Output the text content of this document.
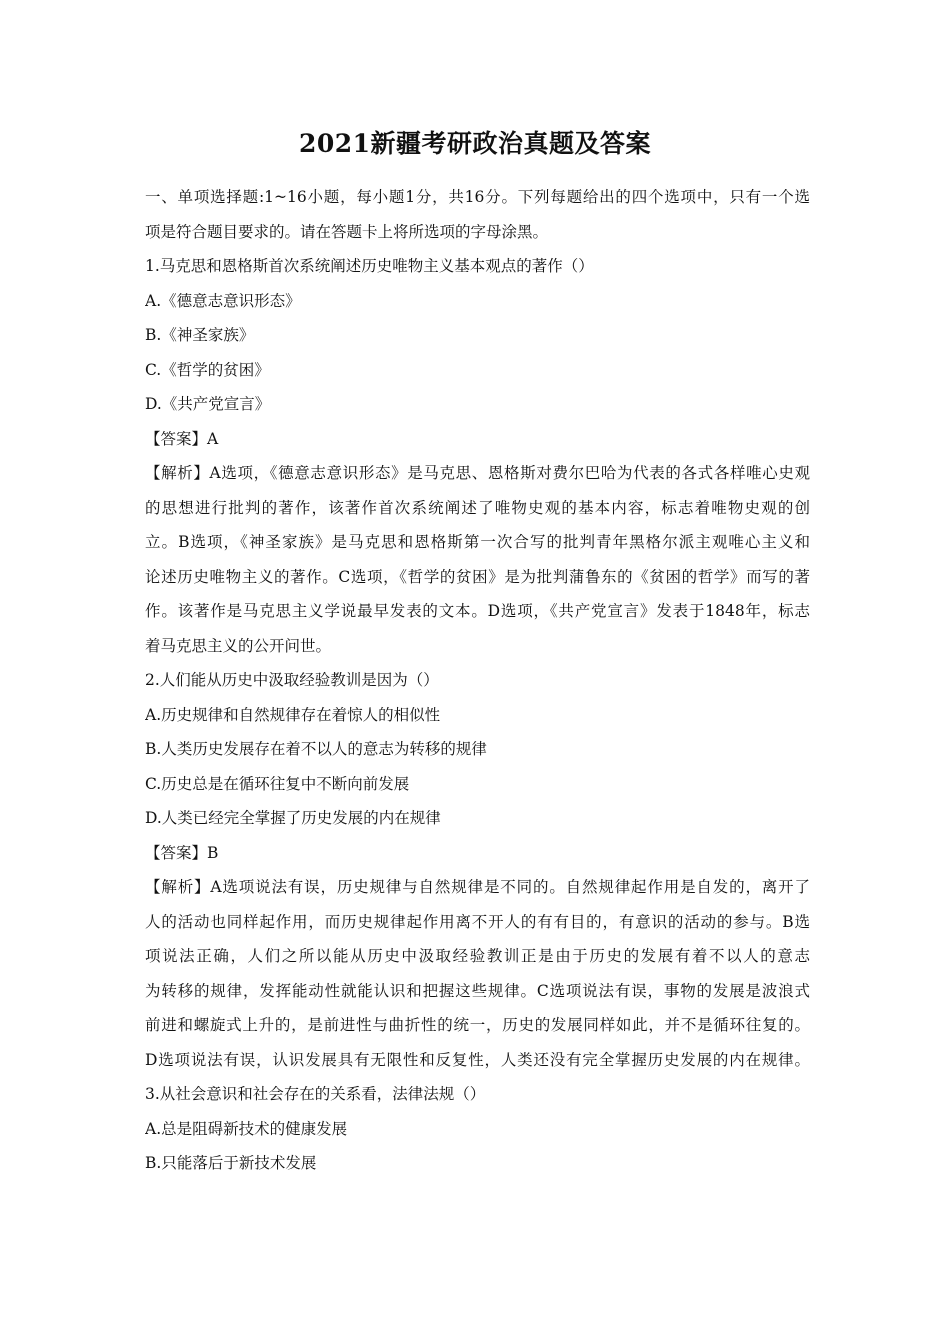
2021新疆考研政治真题及答案
一、单项选择题:1~16小题，每小题1分，共16分。下列每题给出的四个选项中，只有一个选
项是符合题目要求的。请在答题卡上将所选项的字母涂黑。
1.马克思和恩格斯首次系统阐述历史唯物主义基本观点的著作（）
A.《德意志意识形态》
B.《神圣家族》
C.《哲学的贫困》
D.《共产党宣言》
【答案】A
【解析】A选项，《德意志意识形态》是马克思、恩格斯对费尔巴哈为代表的各式各样唯心史观
的思想进行批判的著作，该著作首次系统阐述了唯物史观的基本内容，标志着唯物史观的创
立。B选项，《神圣家族》是马克思和恩格斯第一次合写的批判青年黑格尔派主观唯心主义和
论述历史唯物主义的著作。C选项，《哲学的贫困》是为批判蒲鲁东的《贫困的哲学》而写的著
作。该著作是马克思主义学说最早发表的文本。D选项，《共产党宣言》发表于1848年，标志
着马克思主义的公开问世。
2.人们能从历史中汲取经验教训是因为（）
A.历史规律和自然规律存在着惊人的相似性
B.人类历史发展存在着不以人的意志为转移的规律
C.历史总是在循环往复中不断向前发展
D.人类已经完全掌握了历史发展的内在规律
【答案】B
【解析】A选项说法有误，历史规律与自然规律是不同的。自然规律起作用是自发的，离开了
人的活动也同样起作用，而历史规律起作用离不开人的有有目的，有意识的活动的参与。B选
项说法正确，人们之所以能从历史中汲取经验教训正是由于历史的发展有着不以人的意志
为转移的规律，发挥能动性就能认识和把握这些规律。C选项说法有误，事物的发展是波浪式
前进和螺旋式上升的，是前进性与曲折性的统一，历史的发展同样如此，并不是循环往复的。
D选项说法有误，认识发展具有无限性和反复性，人类还没有完全掌握历史发展的内在规律。
3.从社会意识和社会存在的关系看，法律法规（）
A.总是阻碍新技术的健康发展
B.只能落后于新技术发展
